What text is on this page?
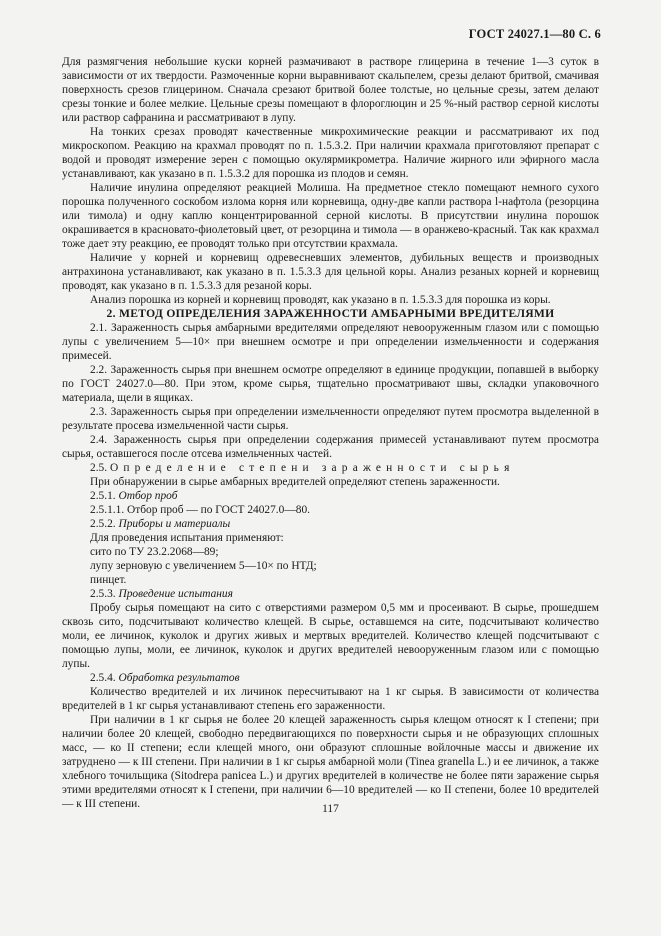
ГОСТ 24027.1—80 С. 6

Для размягчения небольшие куски корней размачивают в растворе глицерина в течение 1—3 суток в зависимости от их твердости. Размоченные корни выравнивают скальпелем, срезы делают бритвой, смачивая поверхность срезов глицерином. Сначала срезают бритвой более толстые, но цельные срезы, затем делают срезы тонкие и более мелкие. Цельные срезы помещают в флороглюцин и 25 %-ный раствор серной кислоты или раствор сафранина и рассматривают в лупу.

На тонких срезах проводят качественные микрохимические реакции и рассматривают их под микроскопом. Реакцию на крахмал проводят по п. 1.5.3.2. При наличии крахмала приготовляют препарат с водой и проводят измерение зерен с помощью окулярмикрометра. Наличие жирного или эфирного масла устанавливают, как указано в п. 1.5.3.2 для порошка из плодов и семян.

Наличие инулина определяют реакцией Молиша. На предметное стекло помещают немного сухого порошка полученного соскобом излома корня или корневища, одну-две капли раствора l-нафтола (резорцина или тимола) и одну каплю концентрированной серной кислоты. В присутствии инулина порошок окрашивается в красновато-фиолетовый цвет, от резорцина и тимола — в оранжево-красный. Так как крахмал тоже дает эту реакцию, ее проводят только при отсутствии крахмала.

Наличие у корней и корневищ одревесневших элементов, дубильных веществ и производных антрахинона устанавливают, как указано в п. 1.5.3.3 для цельной коры. Анализ резаных корней и корневищ проводят, как указано в п. 1.5.3.3 для резаной коры.

Анализ порошка из корней и корневищ проводят, как указано в п. 1.5.3.3 для порошка из коры.

2. МЕТОД ОПРЕДЕЛЕНИЯ ЗАРАЖЕННОСТИ АМБАРНЫМИ ВРЕДИТЕЛЯМИ

2.1. Зараженность сырья амбарными вредителями определяют невооруженным глазом или с помощью лупы с увеличением 5—10× при внешнем осмотре и при определении измельченности и содержания примесей.

2.2. Зараженность сырья при внешнем осмотре определяют в единице продукции, попавшей в выборку по ГОСТ 24027.0—80. При этом, кроме сырья, тщательно просматривают швы, складки упаковочного материала, щели в ящиках.

2.3. Зараженность сырья при определении измельченности определяют путем просмотра выделенной в результате просева измельченной части сырья.

2.4. Зараженность сырья при определении содержания примесей устанавливают путем просмотра сырья, оставшегося после отсева измельченных частей.

2.5. Определение степени зараженности сырья

При обнаружении в сырье амбарных вредителей определяют степень зараженности.

2.5.1. Отбор проб

2.5.1.1. Отбор проб — по ГОСТ 24027.0—80.

2.5.2. Приборы и материалы

Для проведения испытания применяют:

сито по ТУ 23.2.2068—89;

лупу зерновую с увеличением 5—10× по НТД;

пинцет.

2.5.3. Проведение испытания

Пробу сырья помещают на сито с отверстиями размером 0,5 мм и просеивают. В сырье, прошедшем сквозь сито, подсчитывают количество клещей. В сырье, оставшемся на сите, подсчитывают количество моли, ее личинок, куколок и других живых и мертвых вредителей. Количество клещей подсчитывают с помощью лупы, моли, ее личинок, куколок и других вредителей невооруженным глазом или с помощью лупы.

2.5.4. Обработка результатов

Количество вредителей и их личинок пересчитывают на 1 кг сырья. В зависимости от количества вредителей в 1 кг сырья устанавливают степень его зараженности.

При наличии в 1 кг сырья не более 20 клещей зараженность сырья клещом относят к I степени; при наличии более 20 клещей, свободно передвигающихся по поверхности сырья и не образующих сплошных масс, — ко II степени; если клещей много, они образуют сплошные войлочные массы и движение их затруднено — к III степени. При наличии в 1 кг сырья амбарной моли (Tinea granella L.) и ее личинок, а также хлебного точильщика (Sitodrepa panicea L.) и других вредителей в количестве не более пяти заражение сырья этими вредителями относят к I степени, при наличии 6—10 вредителей — ко II степени, более 10 вредителей — к III степени.	117
